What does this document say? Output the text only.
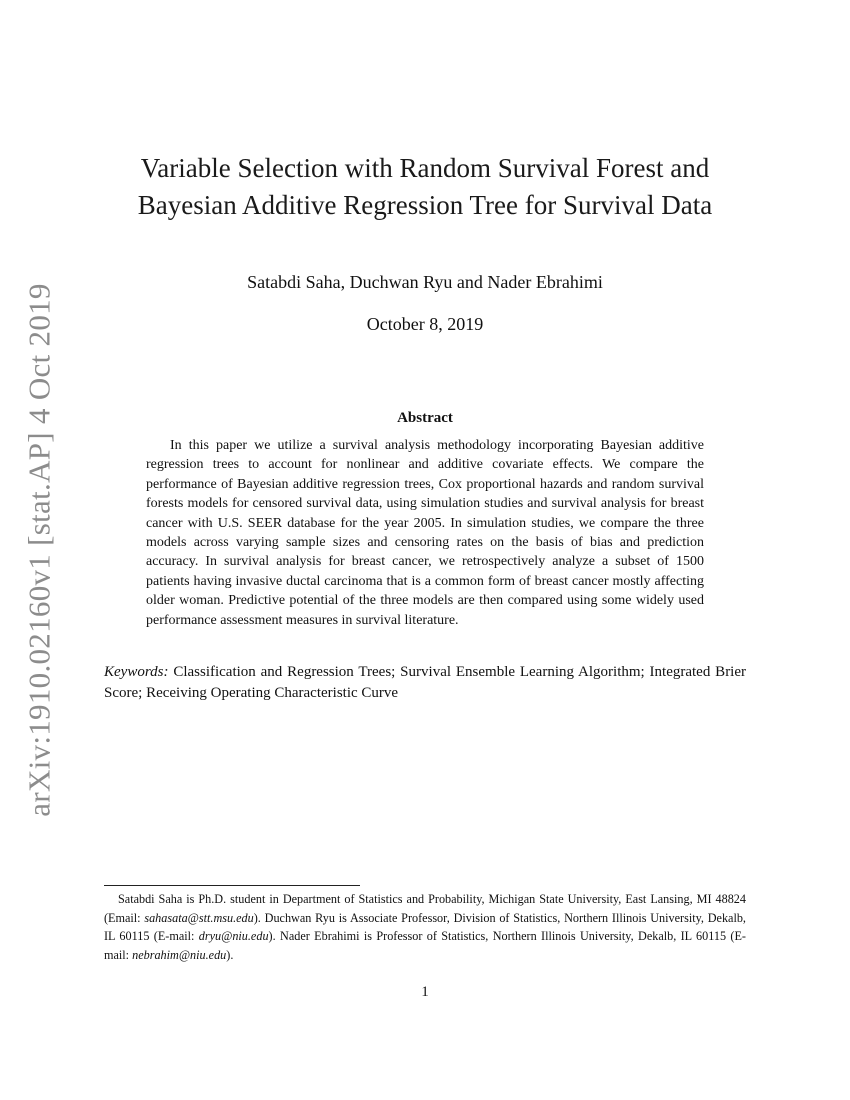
arXiv:1910.02160v1 [stat.AP] 4 Oct 2019
Variable Selection with Random Survival Forest and
Bayesian Additive Regression Tree for Survival Data
Satabdi Saha, Duchwan Ryu and Nader Ebrahimi
October 8, 2019
Abstract

In this paper we utilize a survival analysis methodology incorporating Bayesian additive regression trees to account for nonlinear and additive covariate effects. We compare the performance of Bayesian additive regression trees, Cox proportional hazards and random survival forests models for censored survival data, using simulation studies and survival analysis for breast cancer with U.S. SEER database for the year 2005. In simulation studies, we compare the three models across varying sample sizes and censoring rates on the basis of bias and prediction accuracy. In survival analysis for breast cancer, we retrospectively analyze a subset of 1500 patients having invasive ductal carcinoma that is a common form of breast cancer mostly affecting older woman. Predictive potential of the three models are then compared using some widely used performance assessment measures in survival literature.

Keywords: Classification and Regression Trees; Survival Ensemble Learning Algorithm; Integrated Brier Score; Receiving Operating Characteristic Curve

Satabdi Saha is Ph.D. student in Department of Statistics and Probability, Michigan State University, East Lansing, MI 48824 (Email: sahasata@stt.msu.edu). Duchwan Ryu is Associate Professor, Division of Statistics, Northern Illinois University, Dekalb, IL 60115 (E-mail: dryu@niu.edu). Nader Ebrahimi is Professor of Statistics, Northern Illinois University, Dekalb, IL 60115 (E-mail: nebrahim@niu.edu).

1
